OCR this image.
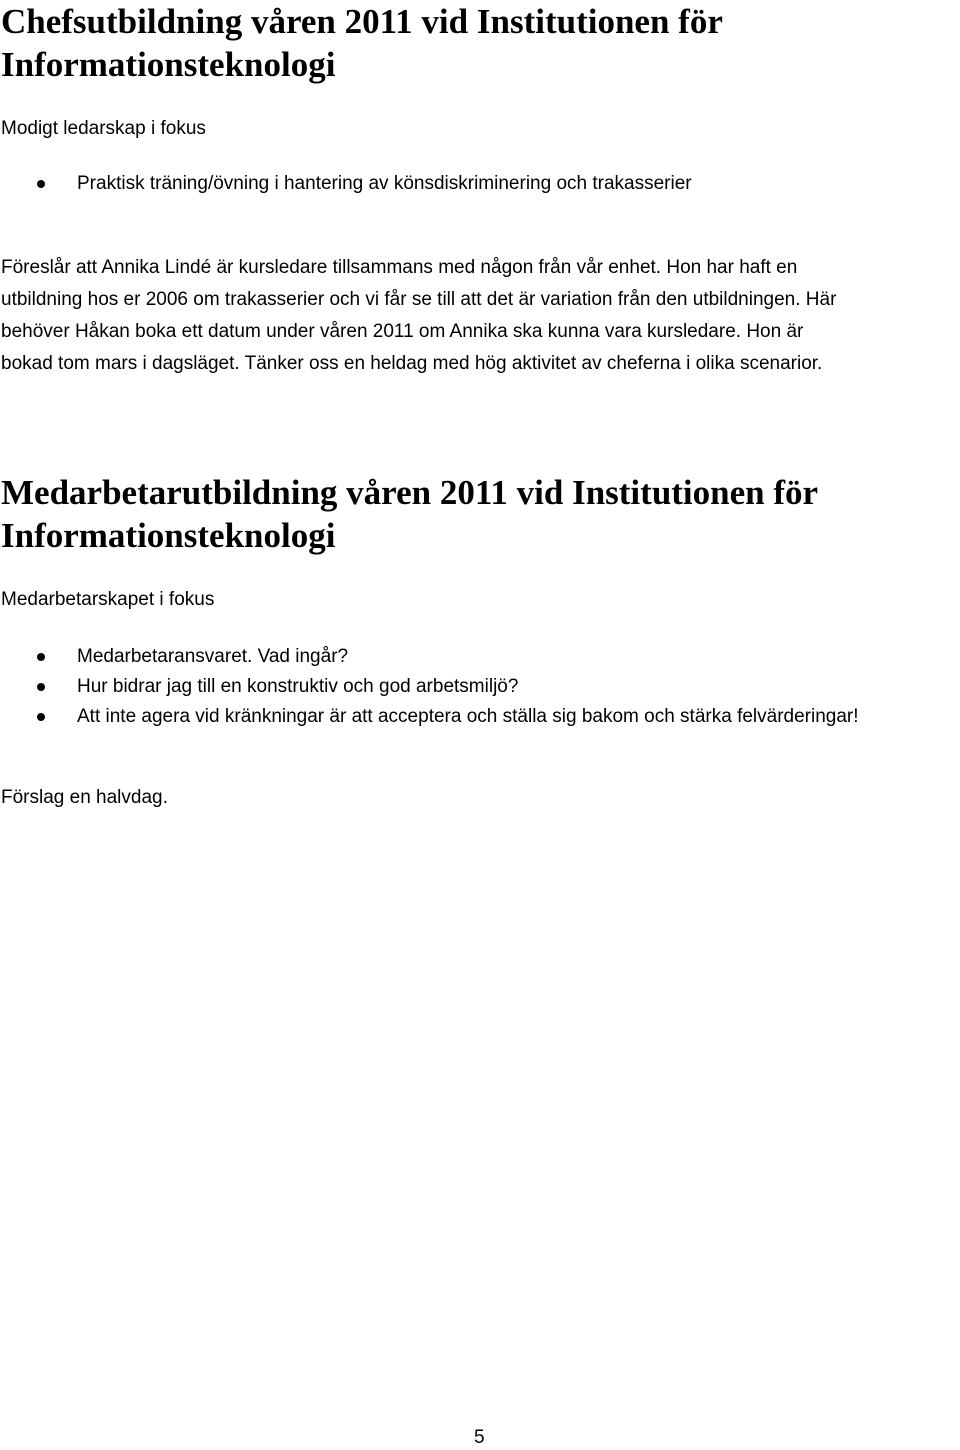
Chefsutbildning våren 2011 vid Institutionen för
Informationsteknologi

Modigt ledarskap i fokus

Praktisk träning/övning i hantering av könsdiskriminering och trakasserier

Föreslår att Annika Lindé är kursledare tillsammans med någon från vår enhet. Hon har haft en
utbildning hos er 2006 om trakasserier och vi får se till att det är variation från den utbildningen. Här
behöver Håkan boka ett datum under våren 2011 om Annika ska kunna vara kursledare. Hon är
bokad tom mars i dagsläget. Tänker oss en heldag med hög aktivitet av cheferna i olika scenarior.

Medarbetarutbildning våren 2011 vid Institutionen för
Informationsteknologi

Medarbetarskapet i fokus

Medarbetaransvaret. Vad ingår?
Hur bidrar jag till en konstruktiv och god arbetsmiljö?
Att inte agera vid kränkningar är att acceptera och ställa sig bakom och stärka felvärderingar!

Förslag en halvdag.

5
